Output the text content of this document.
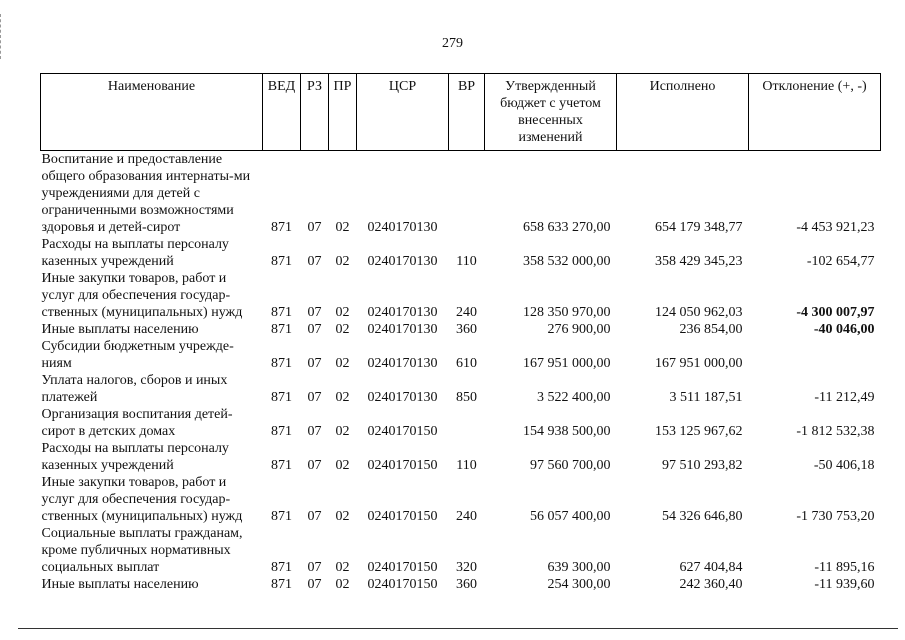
279
Наименование	ВЕД	РЗ	ПР	ЦСР	ВР	Утвержденный бюджет с учетом внесенных изменений	Исполнено	Отклонение (+, -)
Воспитание и предоставление общего образования интернаты-ми учреждениями для детей с ограниченными возможностями здоровья и детей-сирот	871	07	02	0240170130		658 633 270,00	654 179 348,77	-4 453 921,23
Расходы на выплаты персоналу казенных учреждений	871	07	02	0240170130	110	358 532 000,00	358 429 345,23	-102 654,77
Иные закупки товаров, работ и услуг для обеспечения государ-ственных (муниципальных) нужд	871	07	02	0240170130	240	128 350 970,00	124 050 962,03	-4 300 007,97
Иные выплаты населению	871	07	02	0240170130	360	276 900,00	236 854,00	-40 046,00
Субсидии бюджетным учрежде-ниям	871	07	02	0240170130	610	167 951 000,00	167 951 000,00	
Уплата налогов, сборов и иных платежей	871	07	02	0240170130	850	3 522 400,00	3 511 187,51	-11 212,49
Организация воспитания детей-сирот в детских домах	871	07	02	0240170150		154 938 500,00	153 125 967,62	-1 812 532,38
Расходы на выплаты персоналу казенных учреждений	871	07	02	0240170150	110	97 560 700,00	97 510 293,82	-50 406,18
Иные закупки товаров, работ и услуг для обеспечения государ-ственных (муниципальных) нужд	871	07	02	0240170150	240	56 057 400,00	54 326 646,80	-1 730 753,20
Социальные выплаты гражданам, кроме публичных нормативных социальных выплат	871	07	02	0240170150	320	639 300,00	627 404,84	-11 895,16
Иные выплаты населению	871	07	02	0240170150	360	254 300,00	242 360,40	-11 939,60
